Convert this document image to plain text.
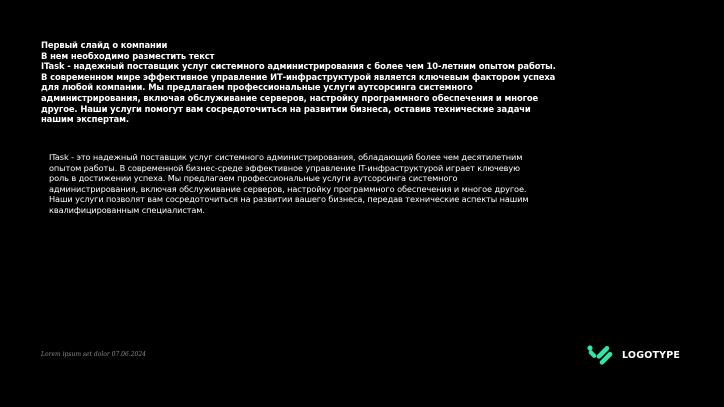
Первый слайд о компании
В нем необходимо разместить текст
ITask - надежный поставщик услуг системного администрирования с более чем 10-летним опытом работы.
В современном мире эффективное управление ИТ-инфраструктурой является ключевым фактором успеха
для любой компании. Мы предлагаем профессиональные услуги аутсорсинга системного
администрирования, включая обслуживание серверов, настройку программного обеспечения и многое
другое. Наши услуги помогут вам сосредоточиться на развитии бизнеса, оставив технические задачи
нашим экспертам.
ITask - это надежный поставщик услуг системного администрирования, обладающий более чем десятилетним
опытом работы. В современной бизнес-среде эффективное управление IT-инфраструктурой играет ключевую
роль в достижении успеха. Мы предлагаем профессиональные услуги аутсорсинга системного
администрирования, включая обслуживание серверов, настройку программного обеспечения и многое другое.
Наши услуги позволят вам сосредоточиться на развитии вашего бизнеса, передав технические аспекты нашим
квалифицированным специалистам.
Lorem ipsum set dolor 07.06.2024	LOGOTYPE
